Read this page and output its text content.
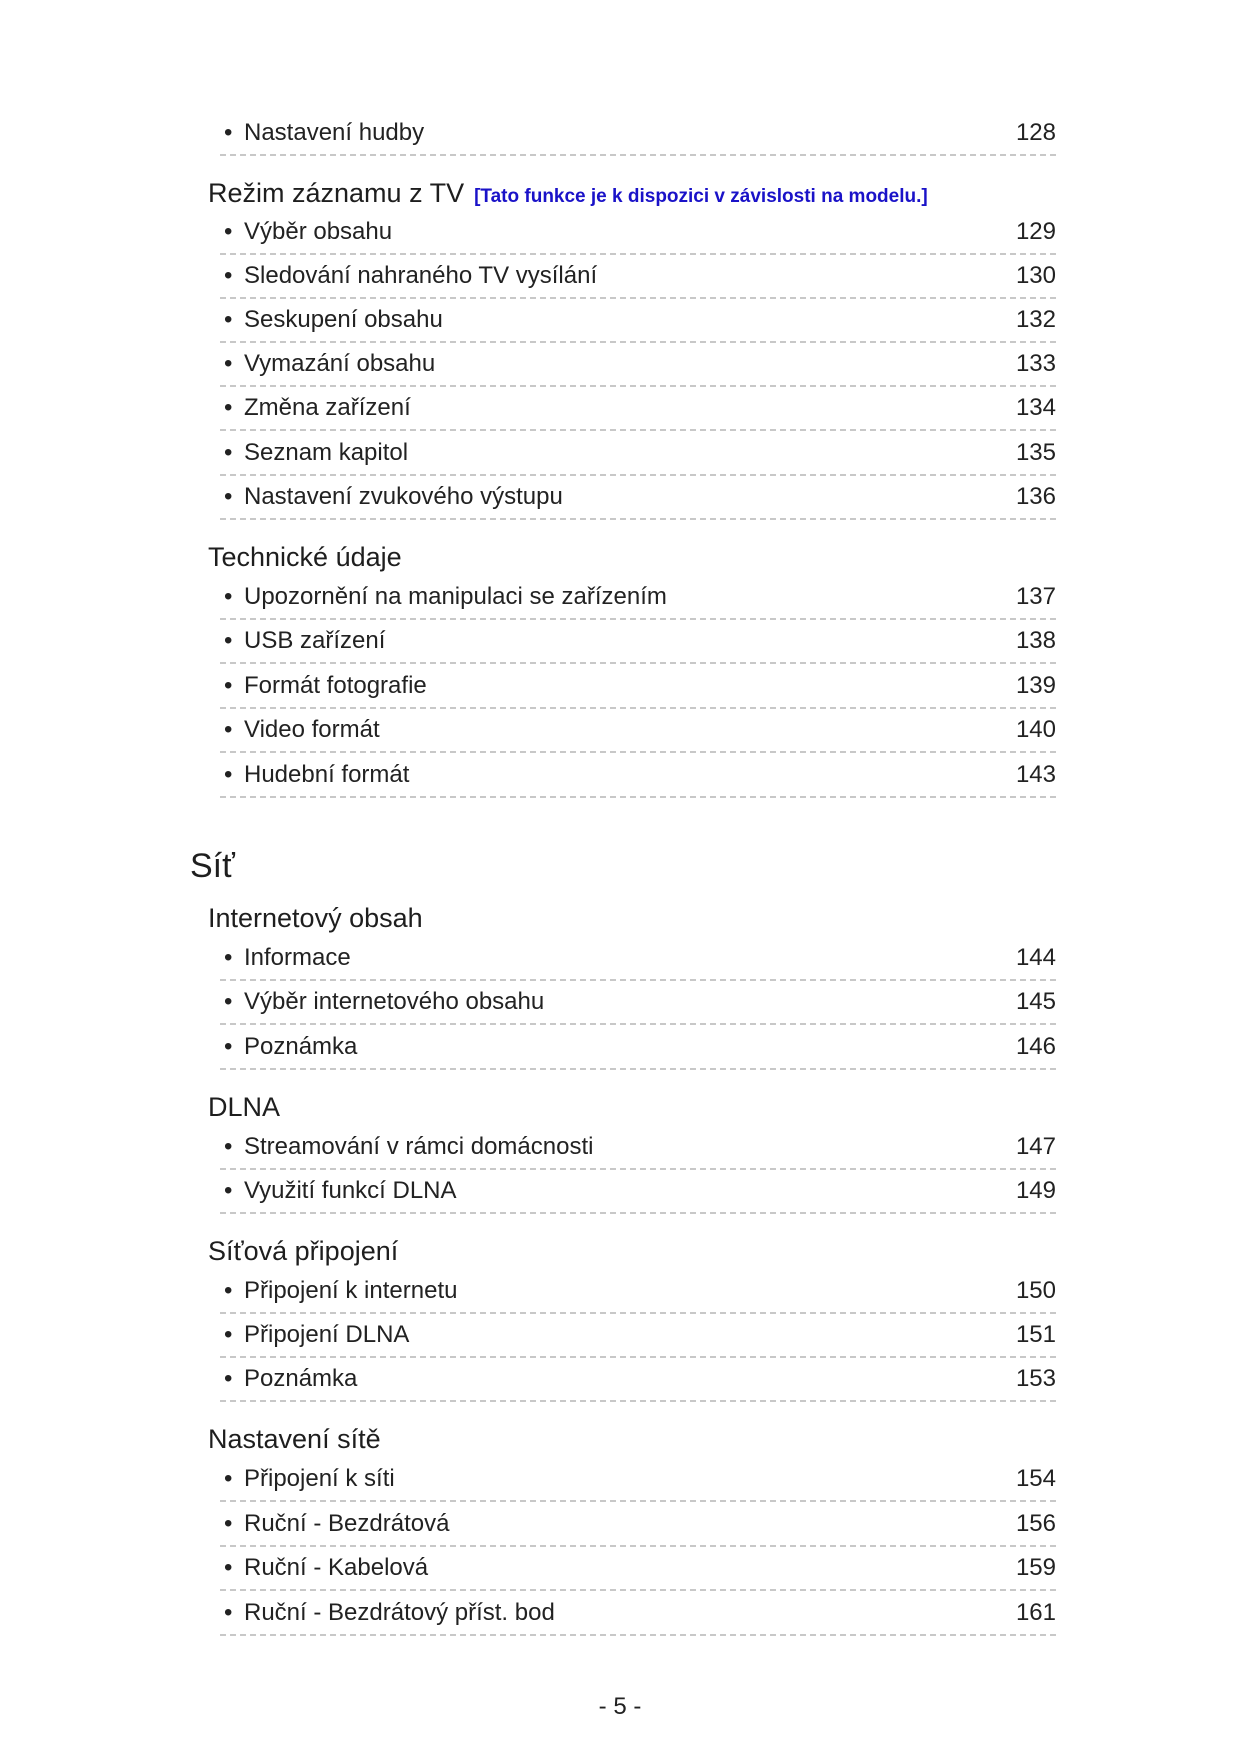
• Nastavení hudby	128
Režim záznamu z TV [Tato funkce je k dispozici v závislosti na modelu.]
• Výběr obsahu	129
• Sledování nahraného TV vysílání	130
• Seskupení obsahu	132
• Vymazání obsahu	133
• Změna zařízení	134
• Seznam kapitol	135
• Nastavení zvukového výstupu	136
Technické údaje
• Upozornění na manipulaci se zařízením	137
• USB zařízení	138
• Formát fotografie	139
• Video formát	140
• Hudební formát	143
Síť
Internetový obsah
• Informace	144
• Výběr internetového obsahu	145
• Poznámka	146
DLNA
• Streamování v rámci domácnosti	147
• Využití funkcí DLNA	149
Síťová připojení
• Připojení k internetu	150
• Připojení DLNA	151
• Poznámka	153
Nastavení sítě
• Připojení k síti	154
• Ruční - Bezdrátová	156
• Ruční - Kabelová	159
• Ruční - Bezdrátový příst. bod	161
- 5 -
